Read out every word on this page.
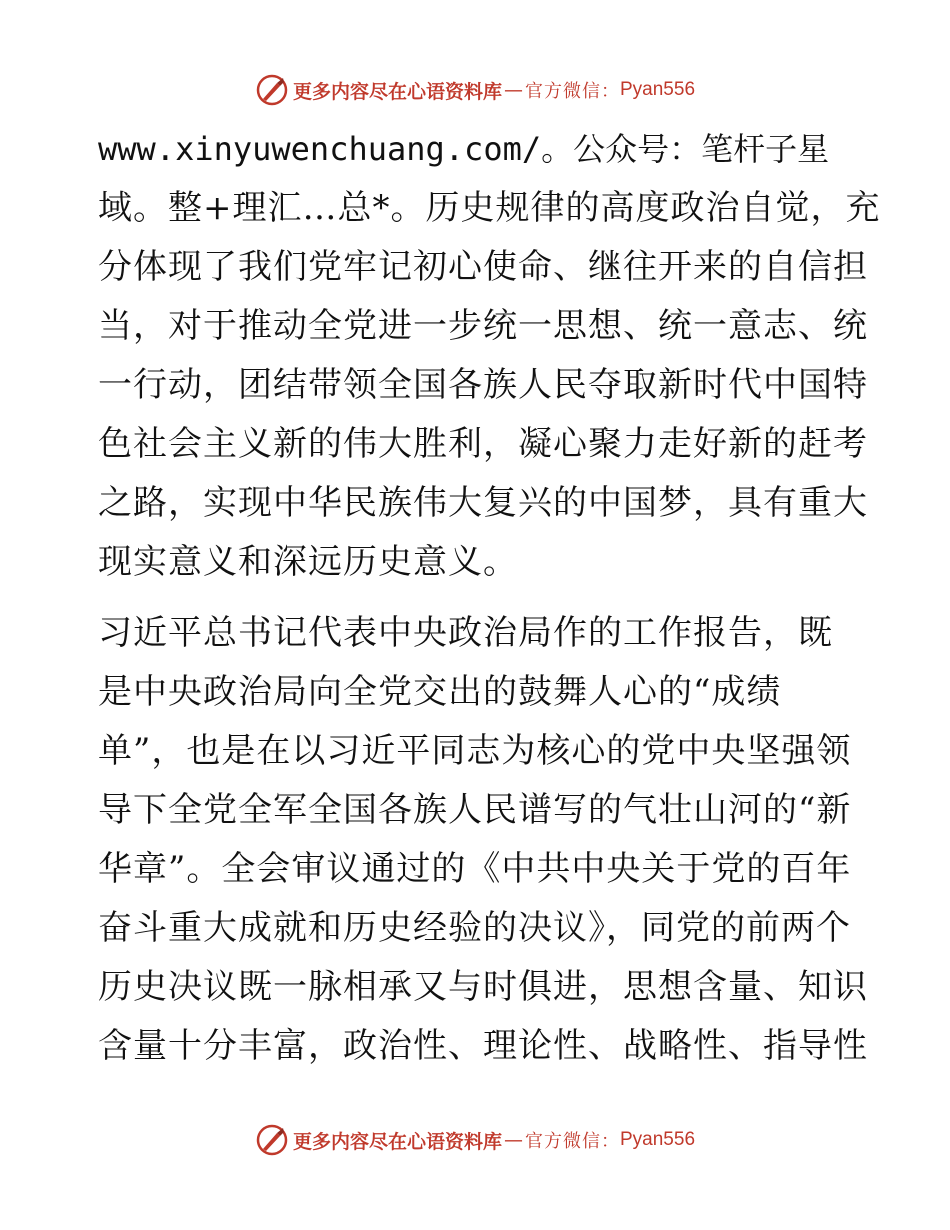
更多内容尽在心语资料库 — 官方微信： Pyan556
www.xinyuwenchuang.com/。公众号：笔杆子星
域。整+理汇…总*。历史规律的高度政治自觉，充
分体现了我们党牢记初心使命、继往开来的自信担
当，对于推动全党进一步统一思想、统一意志、统
一行动，团结带领全国各族人民夺取新时代中国特
色社会主义新的伟大胜利，凝心聚力走好新的赶考
之路，实现中华民族伟大复兴的中国梦，具有重大
现实意义和深远历史意义。
习近平总书记代表中央政治局作的工作报告，既
是中央政治局向全党交出的鼓舞人心的“成绩
单”，也是在以习近平同志为核心的党中央坚强领
导下全党全军全国各族人民谱写的气壮山河的“新
华章”。全会审议通过的《中共中央关于党的百年
奋斗重大成就和历史经验的决议》，同党的前两个
历史决议既一脉相承又与时俱进，思想含量、知识
含量十分丰富，政治性、理论性、战略性、指导性
更多内容尽在心语资料库 — 官方微信： Pyan556
